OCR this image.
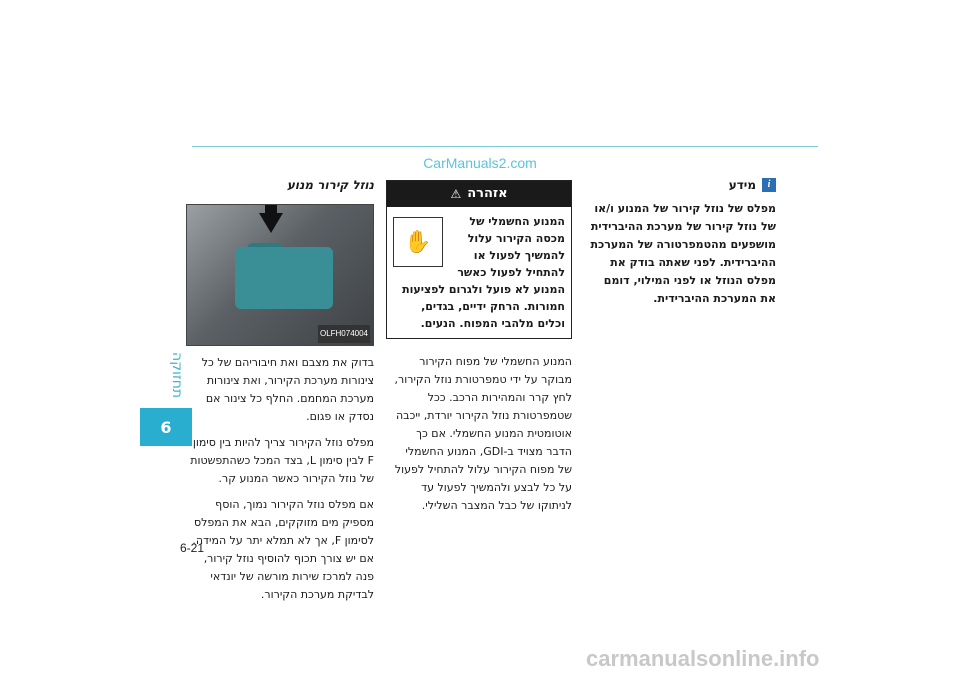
CarManuals2.com
תחזוקה
6
6-21
נוזל קירור מנוע
OLFH074004

בדוק את מצבם ואת חיבוריהם של כל צינורות מערכת הקירור, ואת צינורות מערכת המחמם. החלף כל צינור אם נסדק או פגום.

מפלס נוזל הקירור צריך להיות בין סימון F לבין סימון L, בצד המכל כשהתפשטות של נוזל הקירור כאשר המנוע קר.

אם מפלס נוזל הקירור נמוך, הוסף מספיק מים מזוקקים, הבא את המפלס לסימון F, אך לא תמלא יתר על המידה. אם יש צורך תכוף להוסיף נוזל קירור, פנה למרכז שירות מורשה של יונדאי לבדיקת מערכת הקירור.

אזהרה
⚠
✋
המנוע החשמלי של מכסה הקירור עלול להמשיך לפעול או להתחיל לפעול כאשר המנוע לא פועל ולגרום לפציעות חמורות. הרחק ידיים, בגדים, וכלים מלהבי המפוח. הנעים.

המנוע החשמלי של מפוח הקירור מבוקר על ידי טמפרטורת נוזל הקירור, לחץ קרר והמהירות הרכב. ככל שטמפרטורת נוזל הקירור יורדת, ייכבה אוטומטית המנוע החשמלי. אם כך הדבר מצויד ב-GDI, המנוע החשמלי של מפוח הקירור עלול להתחיל לפעול על כל לבצע ולהמשיך לפעול עד לניתוקו של כבל המצבר השלילי.

i
מידע
מפלס של נוזל קירור של המנוע ו/או של נוזל קירור של מערכת ההיברידית מושפעים מהטמפרטורה של המערכת ההיברידית. לפני שאתה בודק את מפלס הנוזל או לפני המילוי, דומם את המערכת ההיברידית.
carmanualsonline.info
